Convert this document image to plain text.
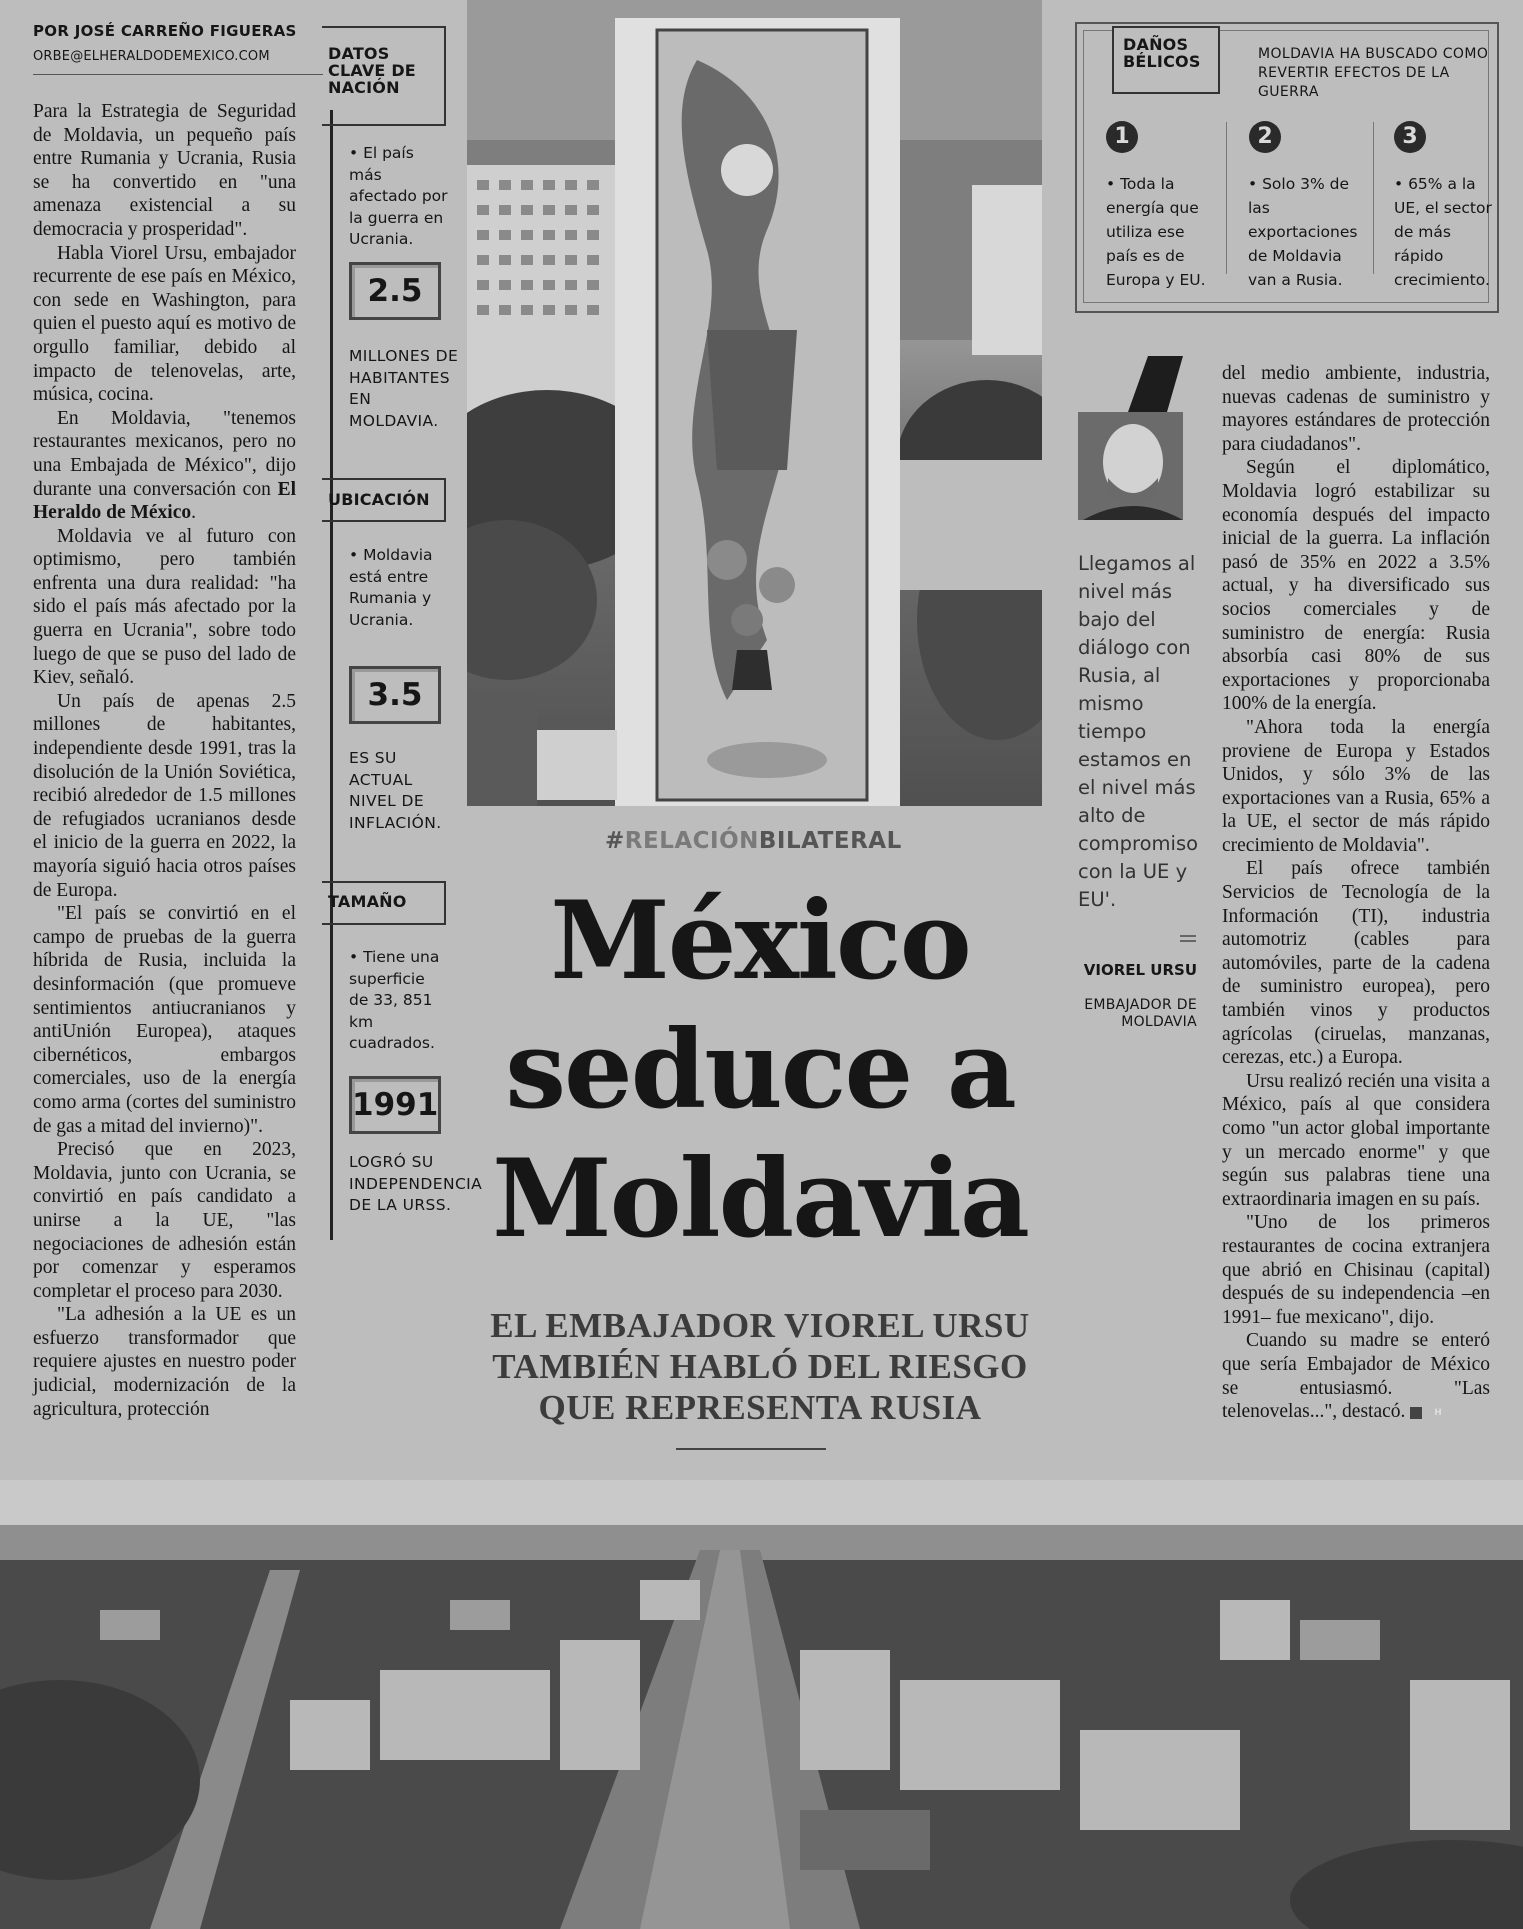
POR JOSÉ CARREÑO FIGUERAS
ORBE@ELHERALDODEMEXICO.COM

Para la Estrategia de Seguridad de Moldavia, un pequeño país entre Rumania y Ucrania, Rusia se ha convertido en "una amenaza existencial a su democracia y prosperidad".

Habla Viorel Ursu, embajador recurrente de ese país en México, con sede en Washington, para quien el puesto aquí es motivo de orgullo familiar, debido al impacto de telenovelas, arte, música, cocina.

En Moldavia, "tenemos restaurantes mexicanos, pero no una Embajada de México", dijo durante una conversación con El Heraldo de México.

Moldavia ve al futuro con optimismo, pero también enfrenta una dura realidad: "ha sido el país más afectado por la guerra en Ucrania", sobre todo luego de que se puso del lado de Kiev, señaló.

Un país de apenas 2.5 millones de habitantes, independiente desde 1991, tras la disolución de la Unión Soviética, recibió alrededor de 1.5 millones de refugiados ucranianos desde el inicio de la guerra en 2022, la mayoría siguió hacia otros países de Europa.

"El país se convirtió en el campo de pruebas de la guerra híbrida de Rusia, incluida la desinformación (que promueve sentimientos antiucranianos y antiUnión Europea), ataques cibernéticos, embargos comerciales, uso de la energía como arma (cortes del suministro de gas a mitad del invierno)".

Precisó que en 2023, Moldavia, junto con Ucrania, se convirtió en país candidato a unirse a la UE, "las negociaciones de adhesión están por comenzar y esperamos completar el proceso para 2030.

"La adhesión a la UE es un esfuerzo transformador que requiere ajustes en nuestro poder judicial, modernización de la agricultura, protección

DATOS CLAVE DE NACIÓN
• El país más afectado por la guerra en Ucrania.
2.5
MILLONES DE HABITANTES EN MOLDAVIA.
UBICACIÓN
• Moldavia está entre Rumania y Ucrania.
3.5
ES SU ACTUAL NIVEL DE INFLACIÓN.
TAMAÑO
• Tiene una superficie de 33, 851 km cuadrados.
1991
LOGRÓ SU INDEPENDENCIA DE LA URSS.
#RELACIÓNBILATERAL
México
seduce a
Moldavia
EL EMBAJADOR VIOREL URSU TAMBIÉN HABLÓ DEL RIESGO QUE REPRESENTA RUSIA
DAÑOS BÉLICOS	MOLDAVIA HA BUSCADO COMO REVERTIR EFECTOS DE LA GUERRA
1
• Toda la energía que utiliza ese país es de Europa y EU.
2
• Solo 3% de las exportaciones de Moldavia van a Rusia.
3
• 65% a la UE, el sector de más rápido crecimiento.
Llegamos al nivel más bajo del diálogo con Rusia, al mismo tiempo estamos en el nivel más alto de compromiso con la UE y EU'.
VIOREL URSU
EMBAJADOR DE MOLDAVIA

del medio ambiente, industria, nuevas cadenas de suministro y mayores estándares de protección para ciudadanos".

Según el diplomático, Moldavia logró estabilizar su economía después del impacto inicial de la guerra. La inflación pasó de 35% en 2022 a 3.5% actual, y ha diversificado sus socios comerciales y de suministro de energía: Rusia absorbía casi 80% de sus exportaciones y proporcionaba 100% de la energía.

"Ahora toda la energía proviene de Europa y Estados Unidos, y sólo 3% de las exportaciones van a Rusia, 65% a la UE, el sector de más rápido crecimiento de Moldavia".

El país ofrece también Servicios de Tecnología de la Información (TI), industria automotriz (cables para automóviles, parte de la cadena de suministro europea), pero también vinos y productos agrícolas (ciruelas, manzanas, cerezas, etc.) a Europa.

Ursu realizó recién una visita a México, país al que considera como "un actor global importante y un mercado enorme" y que según sus palabras tiene una extraordinaria imagen en su país.

"Uno de los primeros restaurantes de cocina extranjera que abrió en Chisinau (capital) después de su independencia –en 1991– fue mexicano", dijo.

Cuando su madre se enteró que sería Embajador de México se entusiasmó. "Las telenovelas...", destacó.	H
